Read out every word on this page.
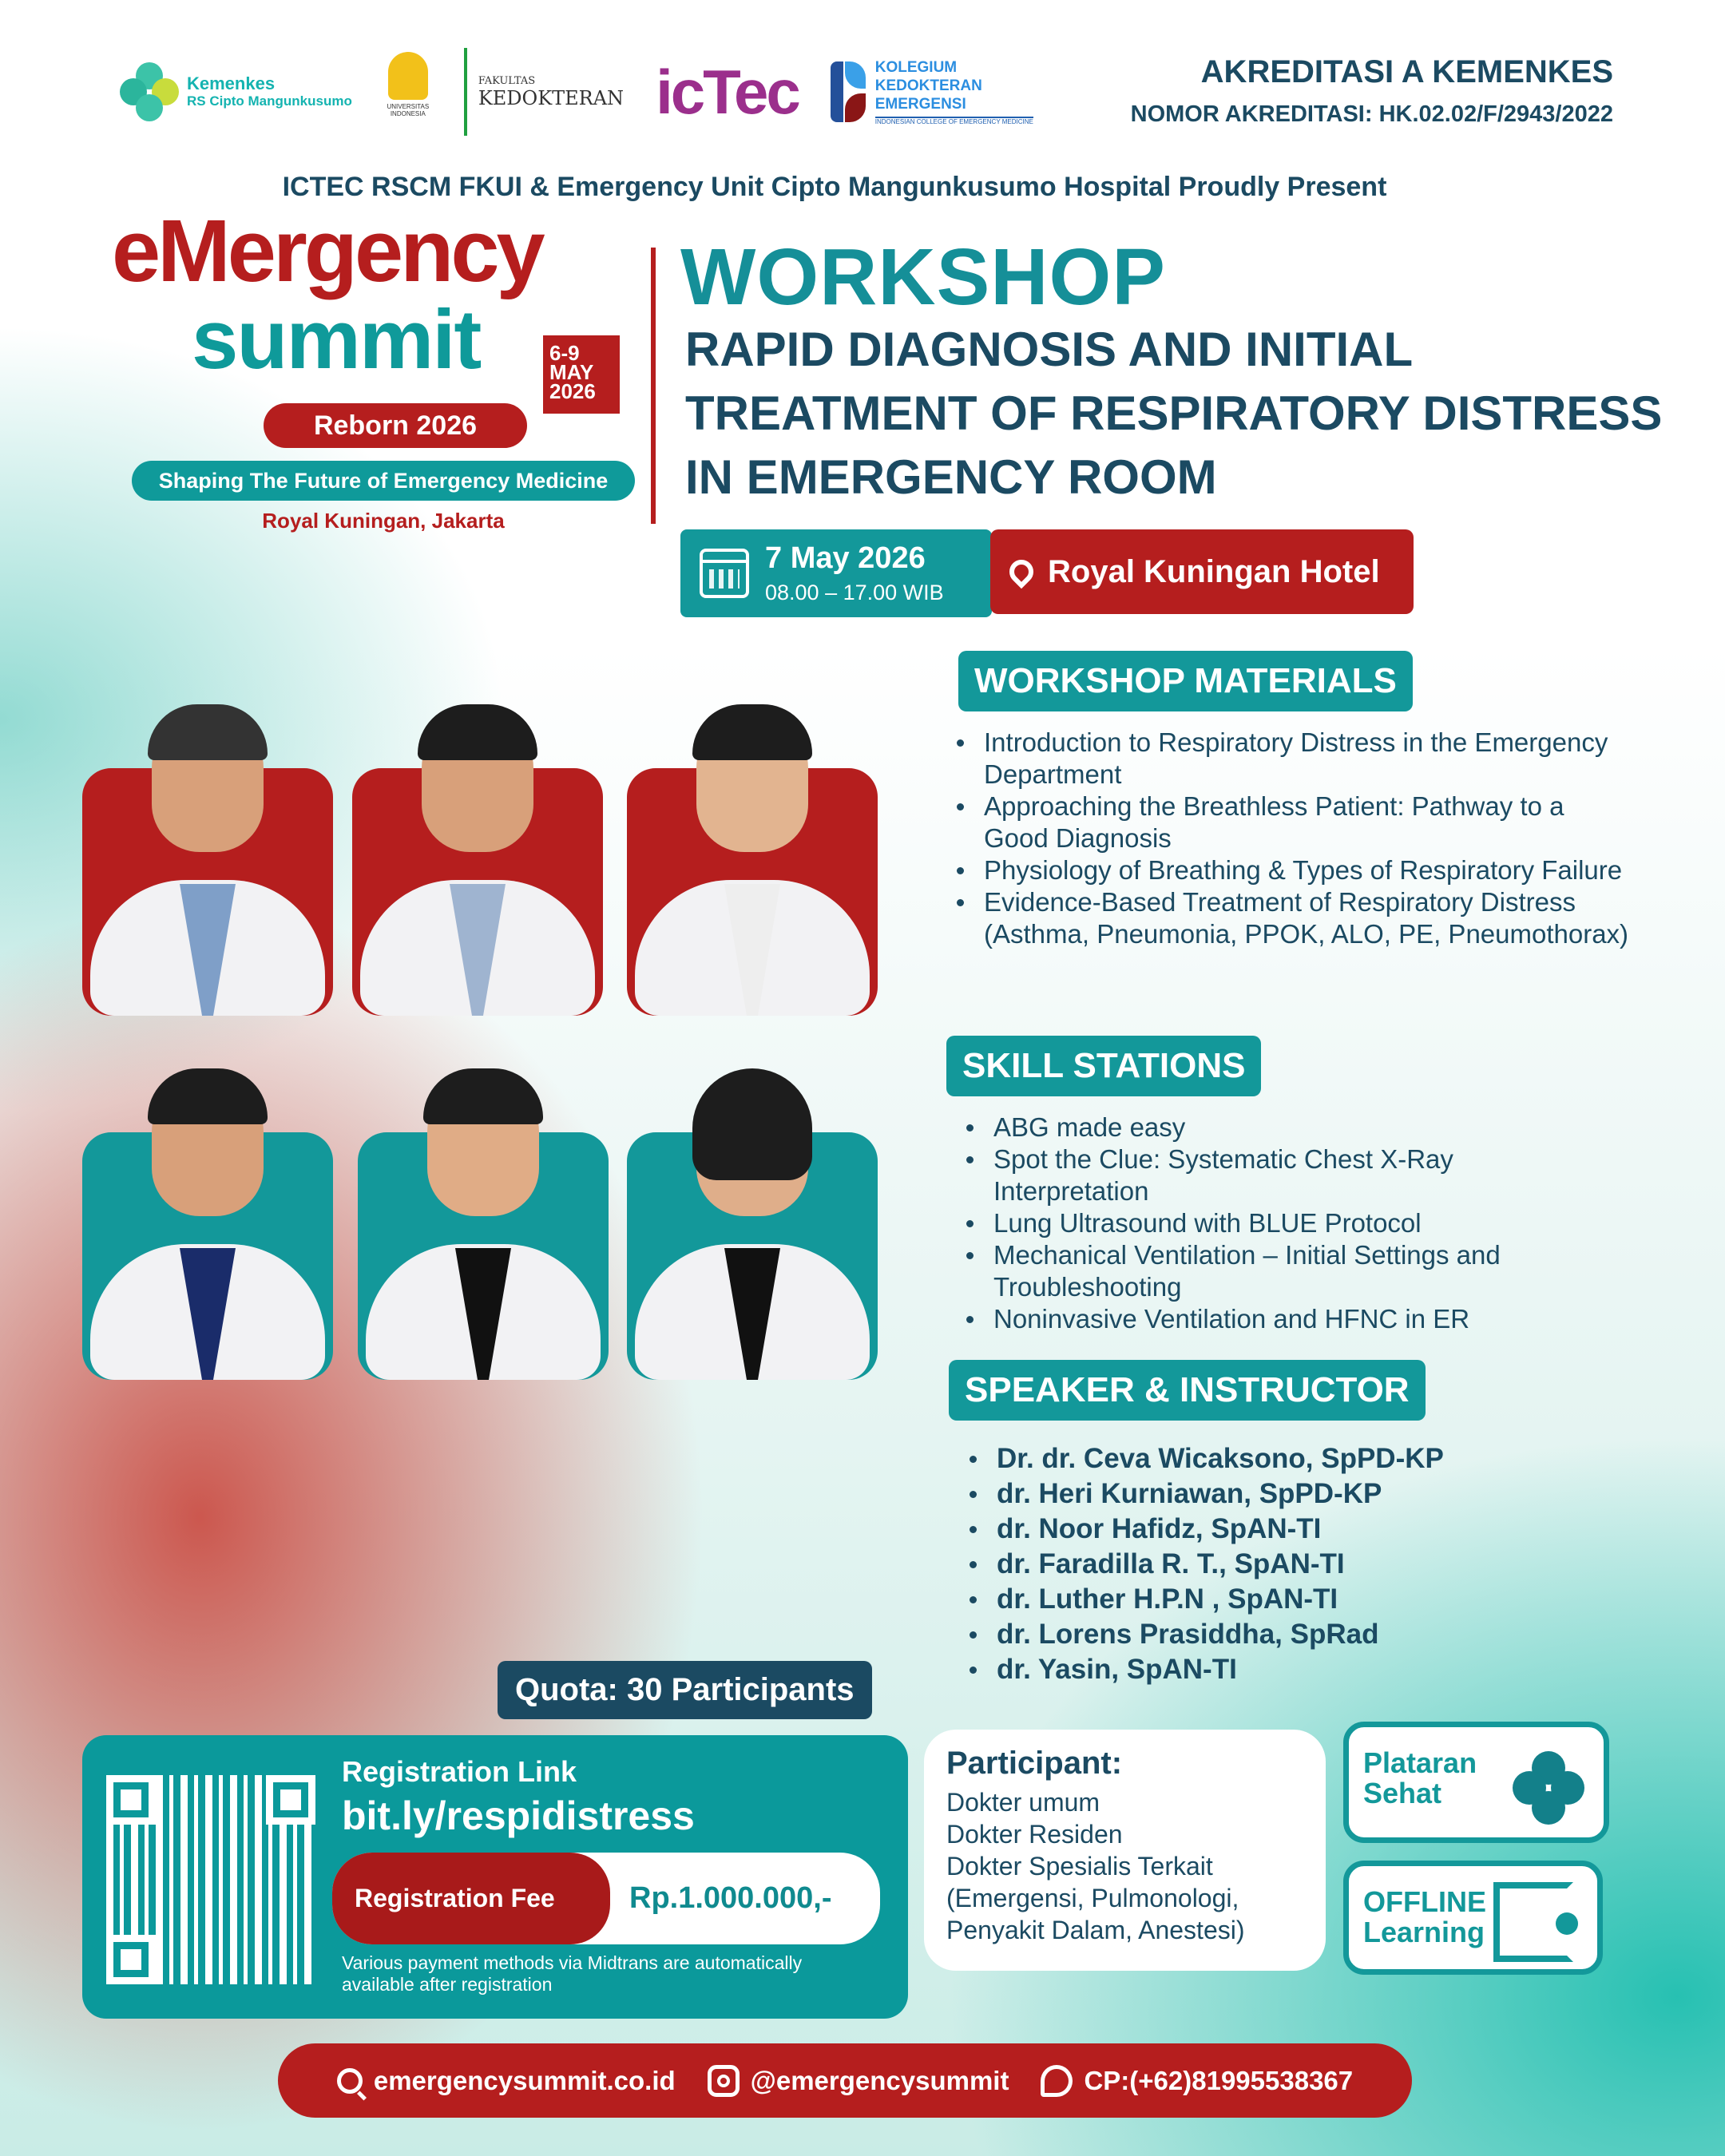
Kemenkes
RS Cipto Mangunkusumo	UNIVERSITAS INDONESIA
FAKULTAS
KEDOKTERAN icTec	KOLEGIUM
KEDOKTERAN
EMERGENSI
INDONESIAN COLLEGE OF EMERGENCY MEDICINE
AKREDITASI A KEMENKES
NOMOR AKREDITASI: HK.02.02/F/2943/2022
ICTEC RSCM FKUI & Emergency Unit Cipto Mangunkusumo Hospital Proudly Present
eMergency
summit	6-9 MAY 2026
Reborn 2026
Shaping The Future of Emergency Medicine
Royal Kuningan, Jakarta
WORKSHOP
RAPID DIAGNOSIS AND INITIAL TREATMENT OF RESPIRATORY DISTRESS IN EMERGENCY ROOM
7 May 2026
08.00 – 17.00 WIB
Royal Kuningan Hotel
WORKSHOP MATERIALS
Introduction to Respiratory Distress in the Emergency Department
Approaching the Breathless Patient: Pathway to a Good Diagnosis
Physiology of Breathing & Types of Respiratory Failure
Evidence-Based Treatment of Respiratory Distress (Asthma, Pneumonia, PPOK, ALO, PE, Pneumothorax)
SKILL STATIONS
ABG made easy
Spot the Clue: Systematic Chest X-Ray Interpretation
Lung Ultrasound with BLUE Protocol
Mechanical Ventilation – Initial Settings and Troubleshooting
Noninvasive Ventilation and HFNC in ER
SPEAKER & INSTRUCTOR
Dr. dr. Ceva Wicaksono, SpPD-KP
dr. Heri Kurniawan, SpPD-KP
dr. Noor Hafidz, SpAN-TI
dr. Faradilla R. T., SpAN-TI
dr. Luther H.P.N , SpAN-TI
dr. Lorens Prasiddha, SpRad
dr. Yasin, SpAN-TI
Quota: 30 Participants
Registration Link
bit.ly/respidistress
Registration Fee	Rp.1.000.000,-
Various payment methods via Midtrans are automatically available after registration
Participant:
Dokter umum
Dokter Residen
Dokter Spesialis Terkait
(Emergensi, Pulmonologi,
Penyakit Dalam, Anestesi)
Plataran
Sehat
OFFLINE
Learning
emergencysummit.co.id	@emergencysummit	CP:(+62)81995538367
